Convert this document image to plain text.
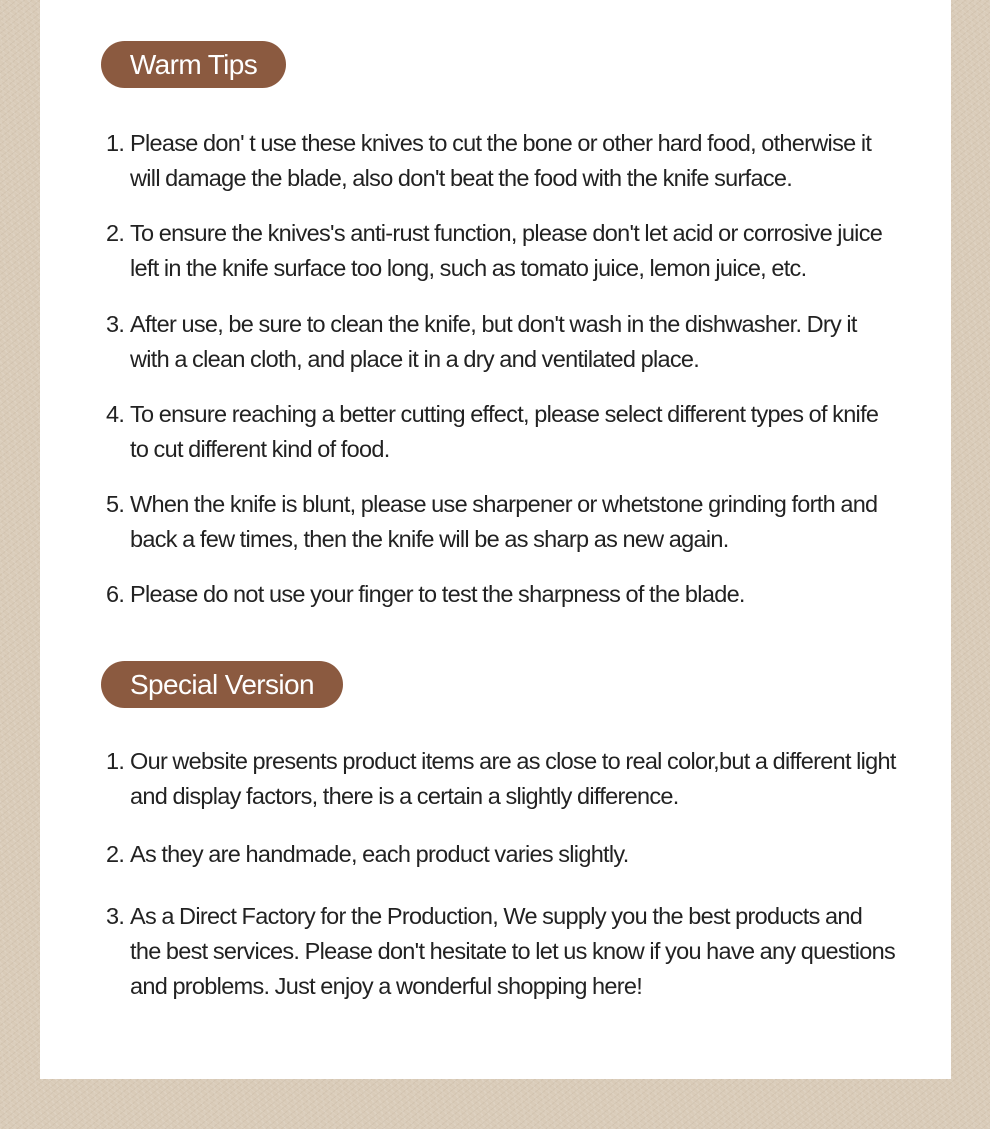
Warm Tips
1. Please don' t use these knives to cut the bone or other hard food, otherwise it will damage the blade, also don't beat the food with the knife surface.
2. To ensure the knives's anti-rust function, please don't let acid or corrosive juice left in the knife surface too long, such as tomato juice, lemon juice, etc.
3. After use, be sure to clean the knife, but don't wash in the dishwasher. Dry it with a clean cloth, and place it in a dry and ventilated place.
4. To ensure reaching a better cutting effect, please select different types of knife to cut different kind of food.
5. When the knife is blunt, please use sharpener or whetstone grinding forth and back a few times, then the knife will be as sharp as new again.
6. Please do not use your finger to test the sharpness of the blade.
Special Version
1. Our website presents product items are as close to real color,but a different light and display factors, there is a certain a slightly difference.
2. As they are handmade, each product varies slightly.
3. As a Direct Factory for the Production, We supply you the best products and the best services. Please don't hesitate to let us know if you have any questions and problems. Just enjoy a wonderful shopping here!
